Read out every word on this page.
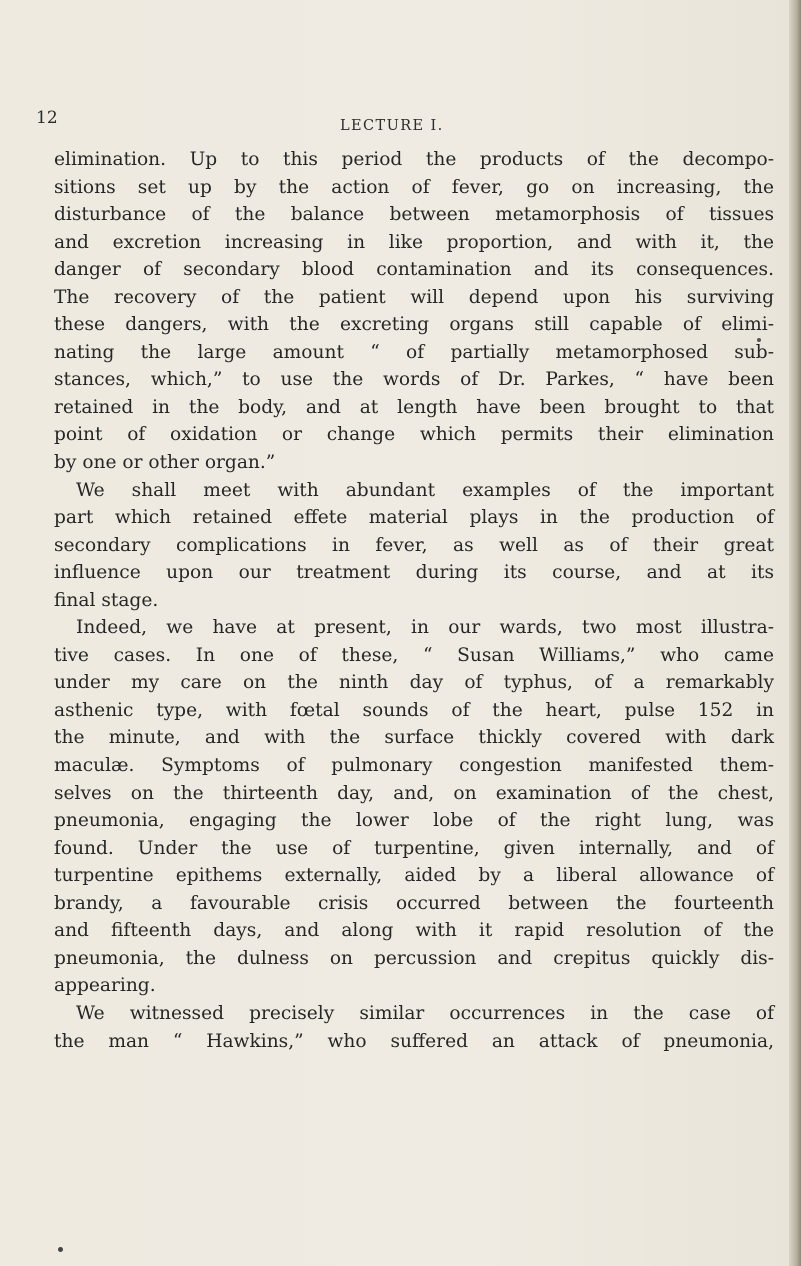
12	LECTURE I.
elimination. Up to this period the products of the decompo-
sitions set up by the action of fever, go on increasing, the
disturbance of the balance between metamorphosis of tissues
and excretion increasing in like proportion, and with it, the
danger of secondary blood contamination and its consequences.
The recovery of the patient will depend upon his surviving
these dangers, with the excreting organs still capable of elimi-
nating the large amount “ of partially metamorphosed sub-
stances, which,” to use the words of Dr. Parkes, “ have been
retained in the body, and at length have been brought to that
point of oxidation or change which permits their elimination
by one or other organ.”
We shall meet with abundant examples of the important
part which retained effete material plays in the production of
secondary complications in fever, as well as of their great
influence upon our treatment during its course, and at its
final stage.
Indeed, we have at present, in our wards, two most illustra-
tive cases. In one of these, “ Susan Williams,” who came
under my care on the ninth day of typhus, of a remarkably
asthenic type, with fœtal sounds of the heart, pulse 152 in
the minute, and with the surface thickly covered with dark
maculæ. Symptoms of pulmonary congestion manifested them-
selves on the thirteenth day, and, on examination of the chest,
pneumonia, engaging the lower lobe of the right lung, was
found. Under the use of turpentine, given internally, and of
turpentine epithems externally, aided by a liberal allowance of
brandy, a favourable crisis occurred between the fourteenth
and fifteenth days, and along with it rapid resolution of the
pneumonia, the dulness on percussion and crepitus quickly dis-
appearing.
We witnessed precisely similar occurrences in the case of
the man “ Hawkins,” who suffered an attack of pneumonia,
